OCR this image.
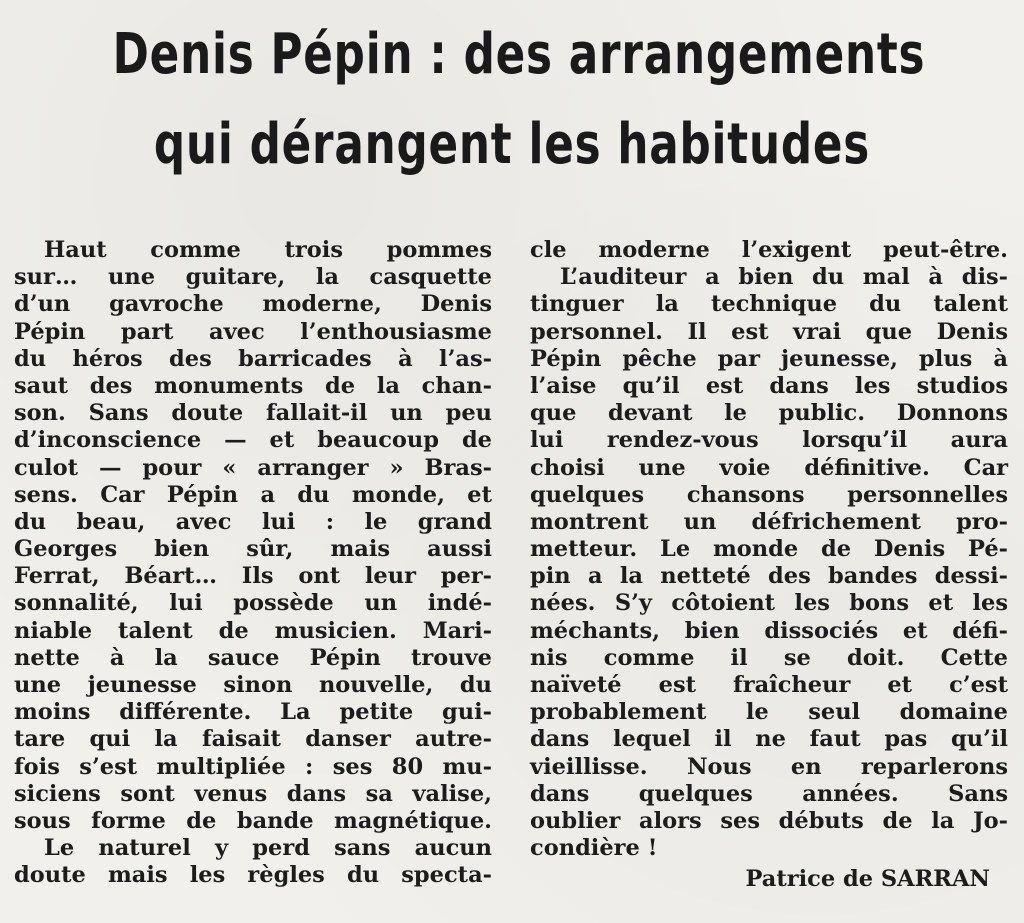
Denis Pépin : des arrangements
qui dérangent les habitudes
Haut comme trois pommes
sur… une guitare, la casquette
d’un gavroche moderne, Denis
Pépin part avec l’enthousiasme
du héros des barricades à l’as-
saut des monuments de la chan-
son. Sans doute fallait-il un peu
d’inconscience — et beaucoup de
culot — pour « arranger » Bras-
sens. Car Pépin a du monde, et
du beau, avec lui : le grand
Georges bien sûr, mais aussi
Ferrat, Béart… Ils ont leur per-
sonnalité, lui possède un indé-
niable talent de musicien. Mari-
nette à la sauce Pépin trouve
une jeunesse sinon nouvelle, du
moins différente. La petite gui-
tare qui la faisait danser autre-
fois s’est multipliée : ses 80 mu-
siciens sont venus dans sa valise,
sous forme de bande magnétique.
Le naturel y perd sans aucun
doute mais les règles du specta-
cle moderne l’exigent peut-être.
L’auditeur a bien du mal à dis-
tinguer la technique du talent
personnel. Il est vrai que Denis
Pépin pêche par jeunesse, plus à
l’aise qu’il est dans les studios
que devant le public. Donnons
lui rendez-vous lorsqu’il aura
choisi une voie définitive. Car
quelques chansons personnelles
montrent un défrichement pro-
metteur. Le monde de Denis Pé-
pin a la netteté des bandes dessi-
nées. S’y côtoient les bons et les
méchants, bien dissociés et défi-
nis comme il se doit. Cette
naïveté est fraîcheur et c’est
probablement le seul domaine
dans lequel il ne faut pas qu’il
vieillisse. Nous en reparlerons
dans quelques années. Sans
oublier alors ses débuts de la Jo-
condière !
Patrice de SARRAN
